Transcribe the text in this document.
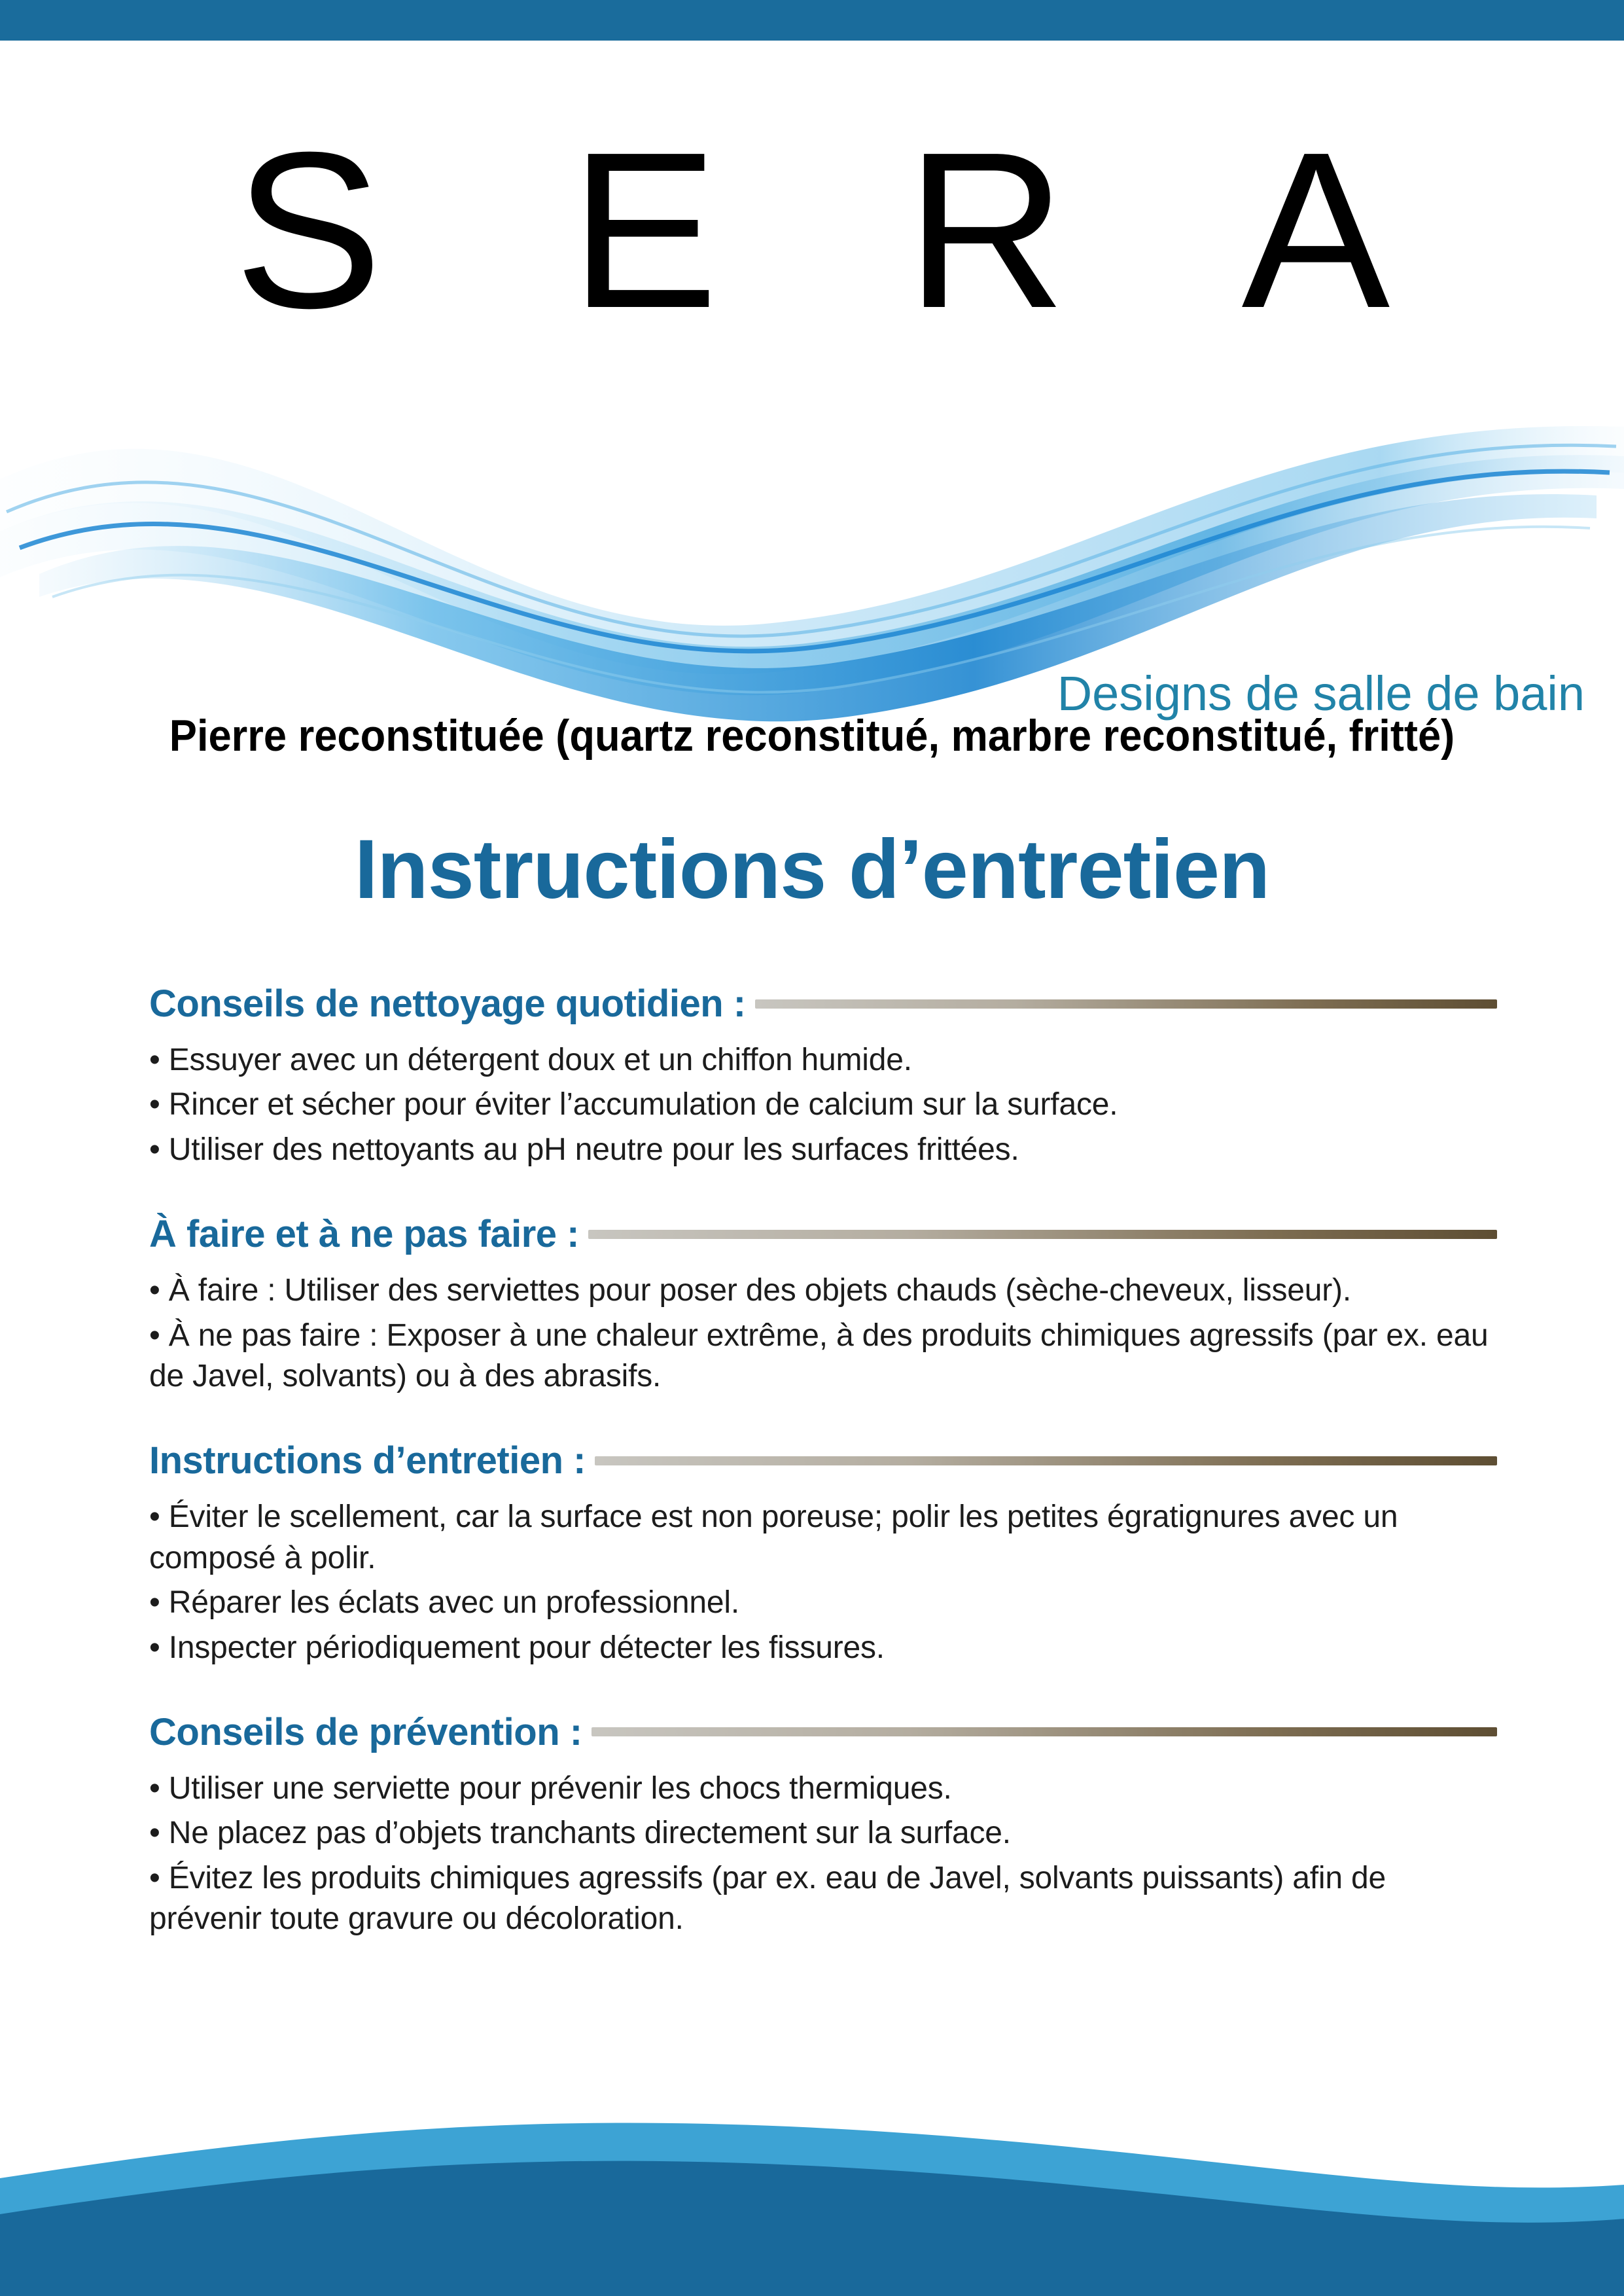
S E R A
Designs de salle de bain
Pierre reconstituée (quartz reconstitué, marbre reconstitué, fritté)
Instructions d’entretien
Conseils de nettoyage quotidien :

• Essuyer avec un détergent doux et un chiffon humide.

• Rincer et sécher pour éviter l’accumulation de calcium sur la surface.

• Utiliser des nettoyants au pH neutre pour les surfaces frittées.

À faire et à ne pas faire :

• À faire : Utiliser des serviettes pour poser des objets chauds (sèche-cheveux, lisseur).

• À ne pas faire : Exposer à une chaleur extrême, à des produits chimiques agressifs (par ex. eau de Javel, solvants) ou à des abrasifs.

Instructions d’entretien :

• Éviter le scellement, car la surface est non poreuse; polir les petites égratignures avec un composé à polir.

• Réparer les éclats avec un professionnel.

• Inspecter périodiquement pour détecter les fissures.

Conseils de prévention :

• Utiliser une serviette pour prévenir les chocs thermiques.

• Ne placez pas d’objets tranchants directement sur la surface.

• Évitez les produits chimiques agressifs (par ex. eau de Javel, solvants puissants) afin de prévenir toute gravure ou décoloration.
